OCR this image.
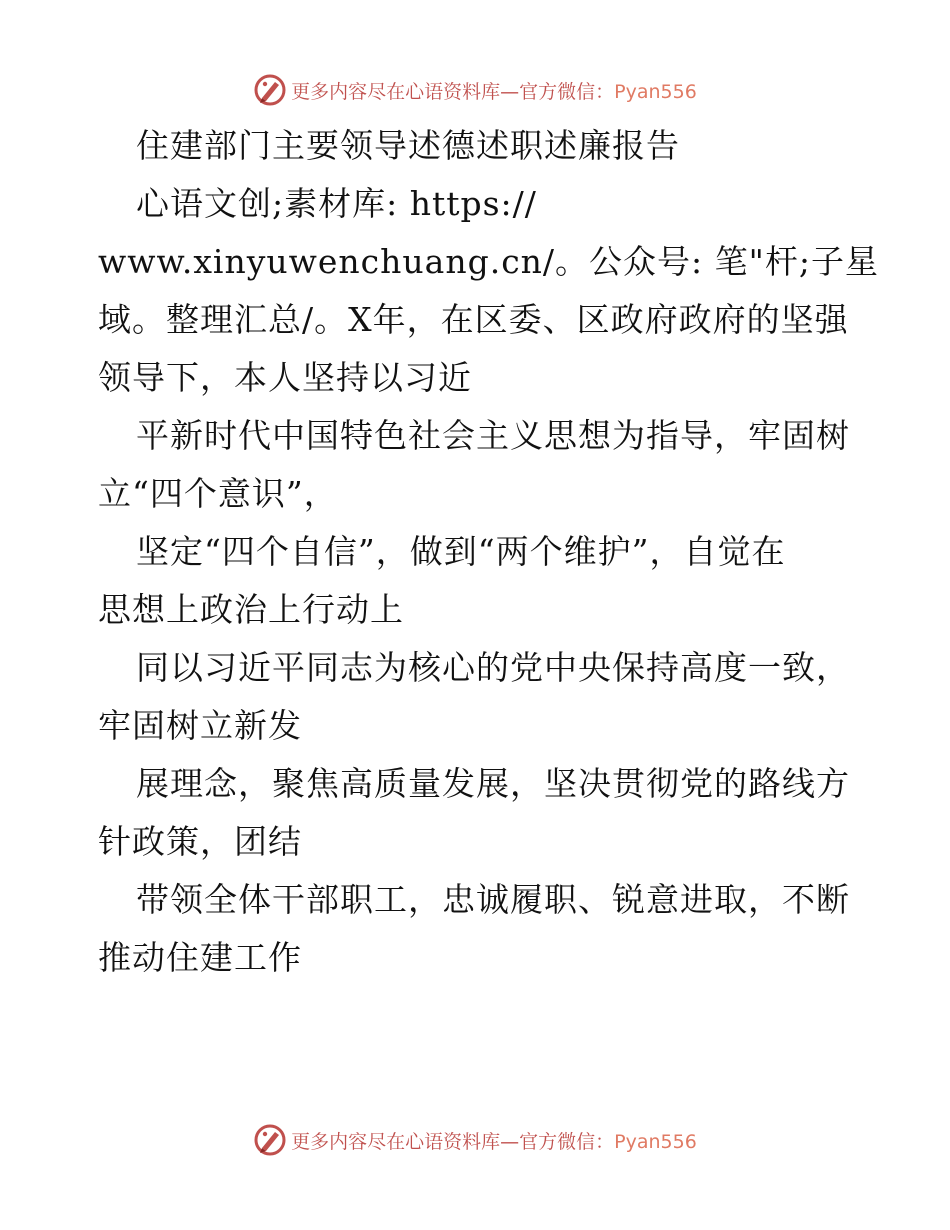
更多内容尽在心语资料库—官方微信：Pyan556
住建部门主要领导述德述职述廉报告
心语文创;素材库: https://
www.xinyuwenchuang.cn/。公众号: 笔"杆;子星
域。整理汇总/。X年，在区委、区政府政府的坚强
领导下，本人坚持以习近
平新时代中国特色社会主义思想为指导，牢固树
立“四个意识”，
坚定“四个自信”，做到“两个维护”，自觉在
思想上政治上行动上
同以习近平同志为核心的党中央保持高度一致，
牢固树立新发
展理念，聚焦高质量发展，坚决贯彻党的路线方
针政策，团结
带领全体干部职工，忠诚履职、锐意进取，不断
推动住建工作
更多内容尽在心语资料库—官方微信：Pyan556
